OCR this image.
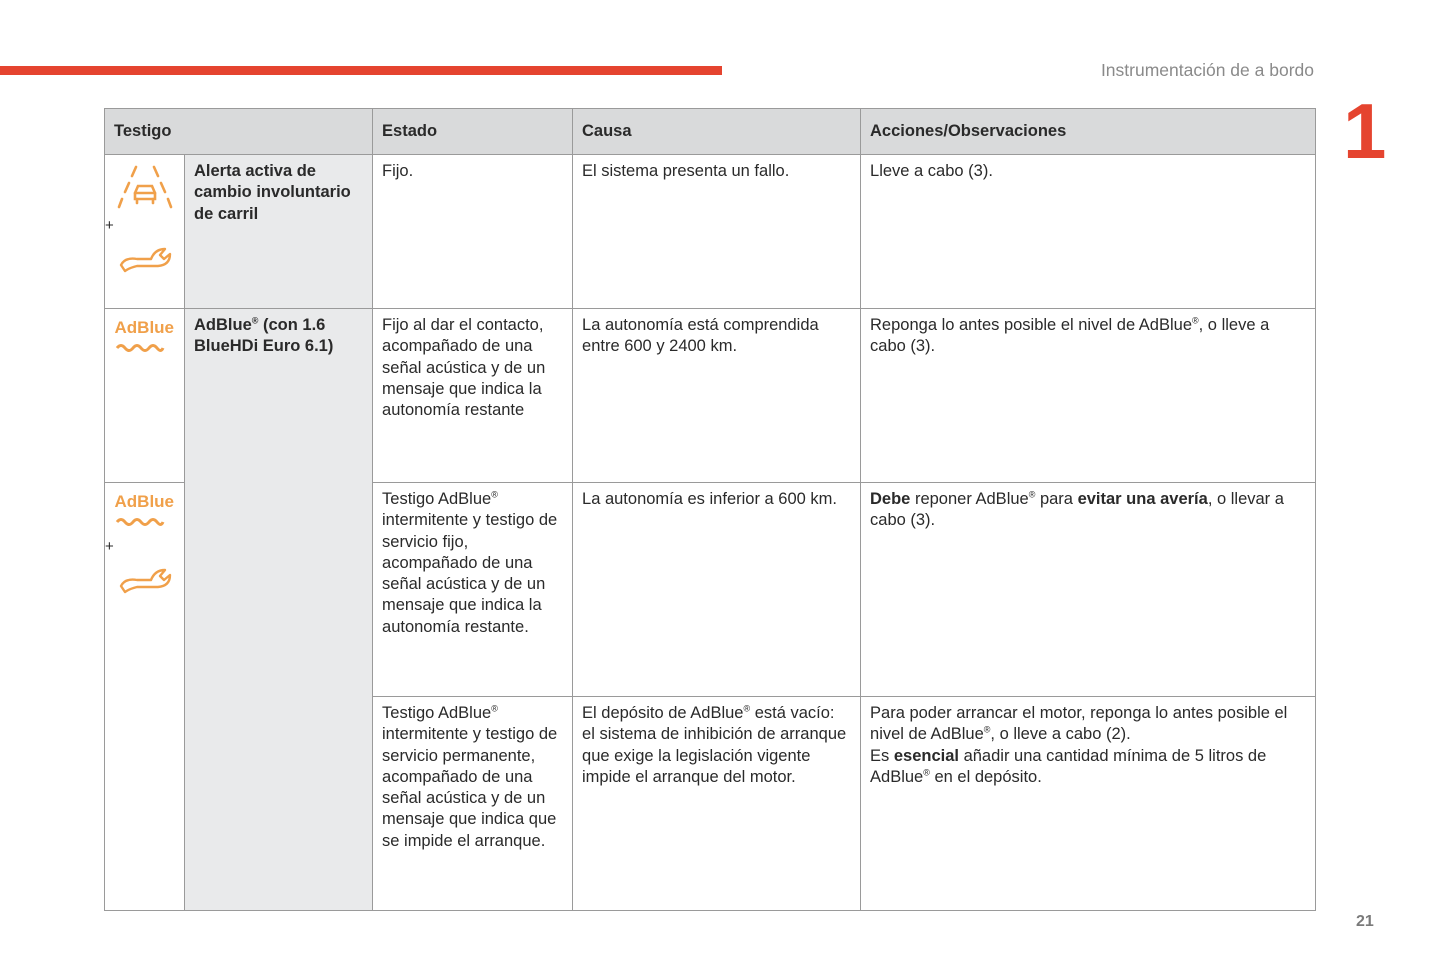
Instrumentación de a bordo
1
Testigo		Estado	Causa	Acciones/Observaciones

+	Alerta activa de cambio involuntario de carril	Fijo.	El sistema presenta un fallo.	Lleve a cabo (3).

AdBlue	AdBlue® (con 1.6 BlueHDi Euro 6.1)	Fijo al dar el contacto, acompañado de una señal acústica y de un mensaje que indica la autonomía restante	La autonomía está comprendida entre 600 y 2400 km.	Reponga lo antes posible el nivel de AdBlue®, o lleve a cabo (3).

AdBlue
+		Testigo AdBlue® intermitente y testigo de servicio fijo, acompañado de una señal acústica y de un mensaje que indica la autonomía restante.	La autonomía es inferior a 600 km.	Debe reponer AdBlue® para evitar una avería, o llevar a cabo (3).
		Testigo AdBlue® intermitente y testigo de servicio permanente, acompañado de una señal acústica y de un mensaje que indica que se impide el arranque.	El depósito de AdBlue® está vacío: el sistema de inhibición de arranque que exige la legislación vigente impide el arranque del motor.	Para poder arrancar el motor, reponga lo antes posible el nivel de AdBlue®, o lleve a cabo (2).
Es esencial añadir una cantidad mínima de 5 litros de AdBlue® en el depósito.
21
